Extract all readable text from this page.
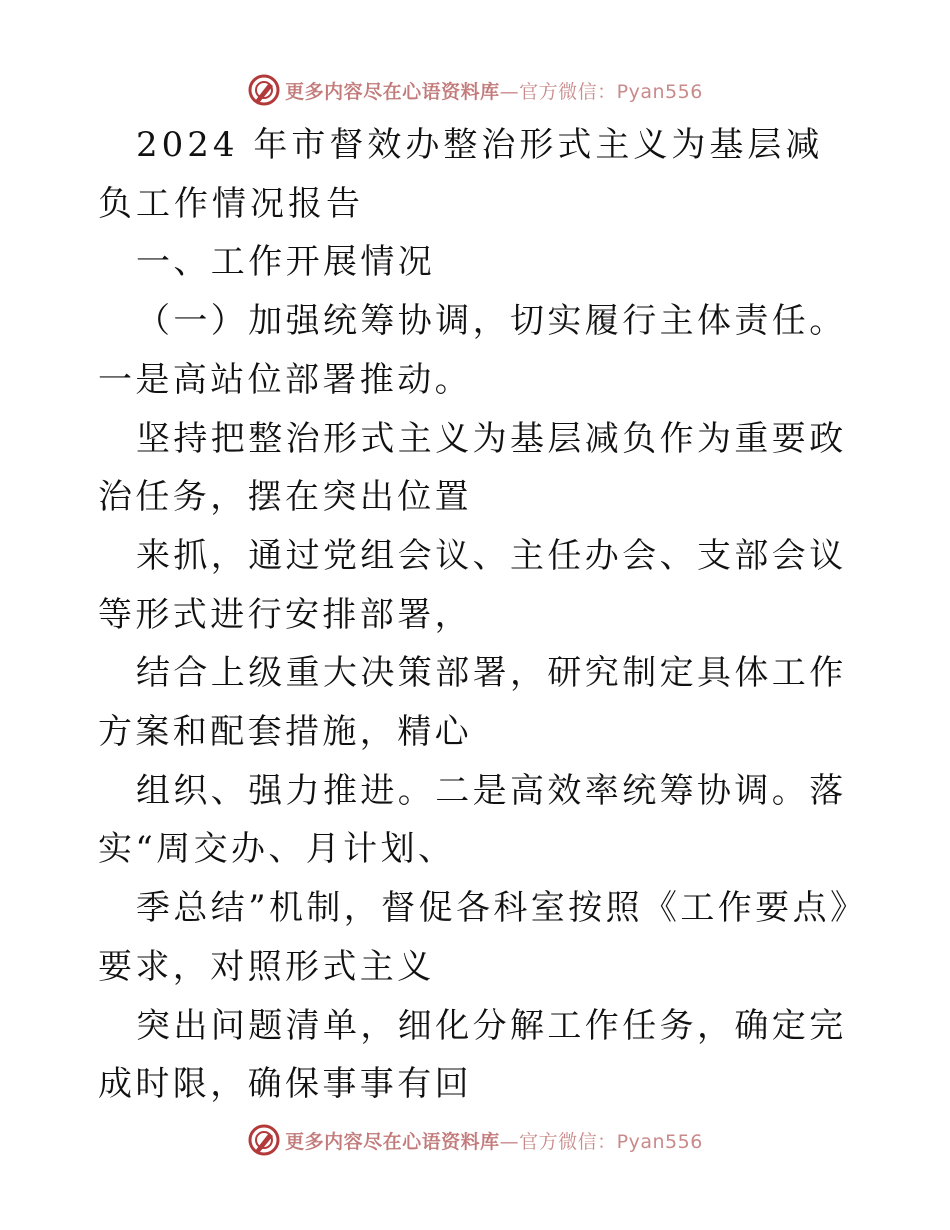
更多内容尽在心语资料库—官方微信：Pyan556

2024 年市督效办整治形式主义为基层减负工作情况报告

一、工作开展情况

（一）加强统筹协调，切实履行主体责任。一是高站位部署推动。

坚持把整治形式主义为基层减负作为重要政治任务，摆在突出位置

来抓，通过党组会议、主任办会、支部会议等形式进行安排部署，

结合上级重大决策部署，研究制定具体工作方案和配套措施，精心

组织、强力推进。二是高效率统筹协调。落实“周交办、月计划、

季总结”机制，督促各科室按照《工作要点》要求，对照形式主义

突出问题清单，细化分解工作任务，确定完成时限，确保事事有回

更多内容尽在心语资料库—官方微信：Pyan556
